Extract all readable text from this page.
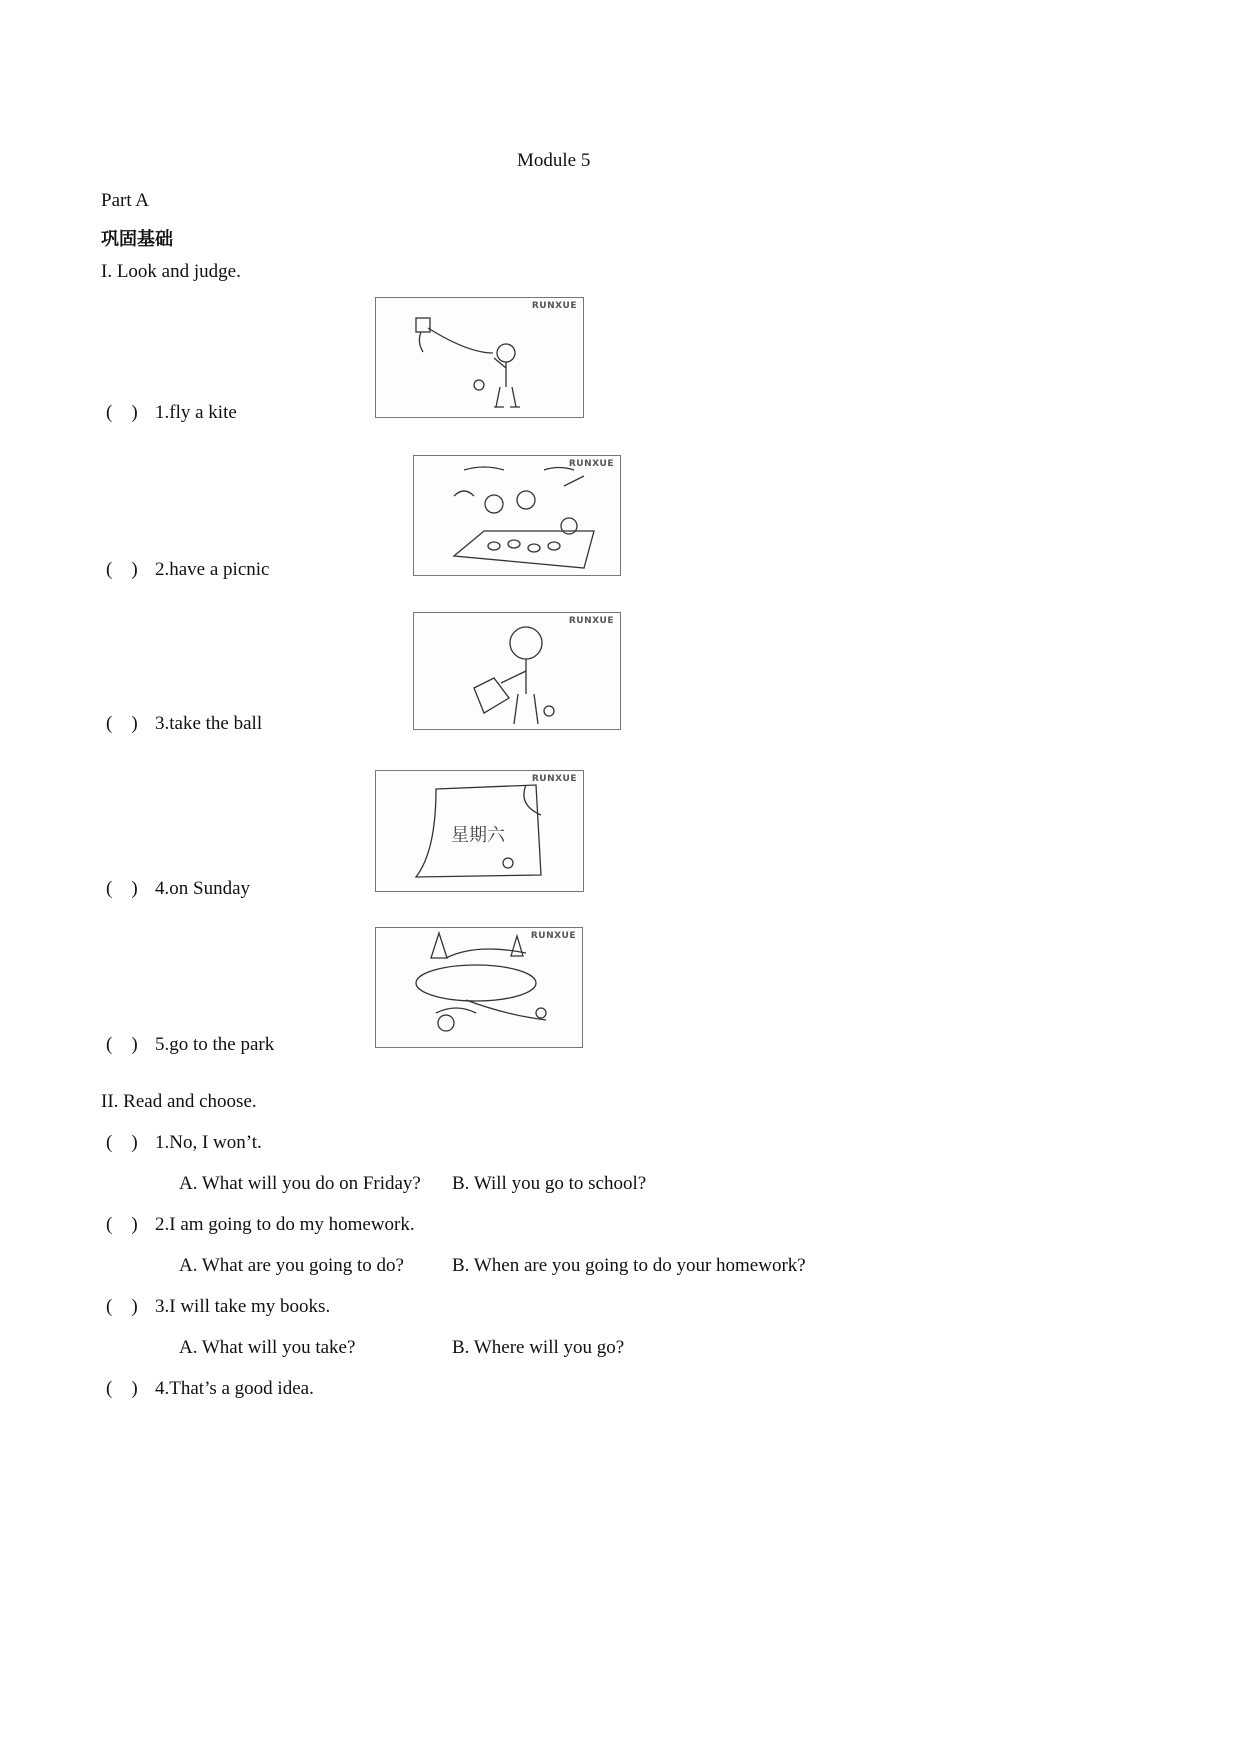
Module 5
Part A
巩固基础
I. Look and judge.
(    ) 1.fly a kite
RUNXUE
(    ) 2.have a picnic
RUNXUE
(    ) 3.take the ball
RUNXUE
(    ) 4.on Sunday
RUNXUE
星期六
(    ) 5.go to the park
RUNXUE
II. Read and choose.
(    ) 1.No, I won’t.
A. What will you do on Friday? B. Will you go to school?
(    ) 2.I am going to do my homework.
A. What are you going to do?	B. When are you going to do your homework?
(    ) 3.I will take my books.
A. What will you take?	B. Where will you go?
(    ) 4.That’s a good idea.
